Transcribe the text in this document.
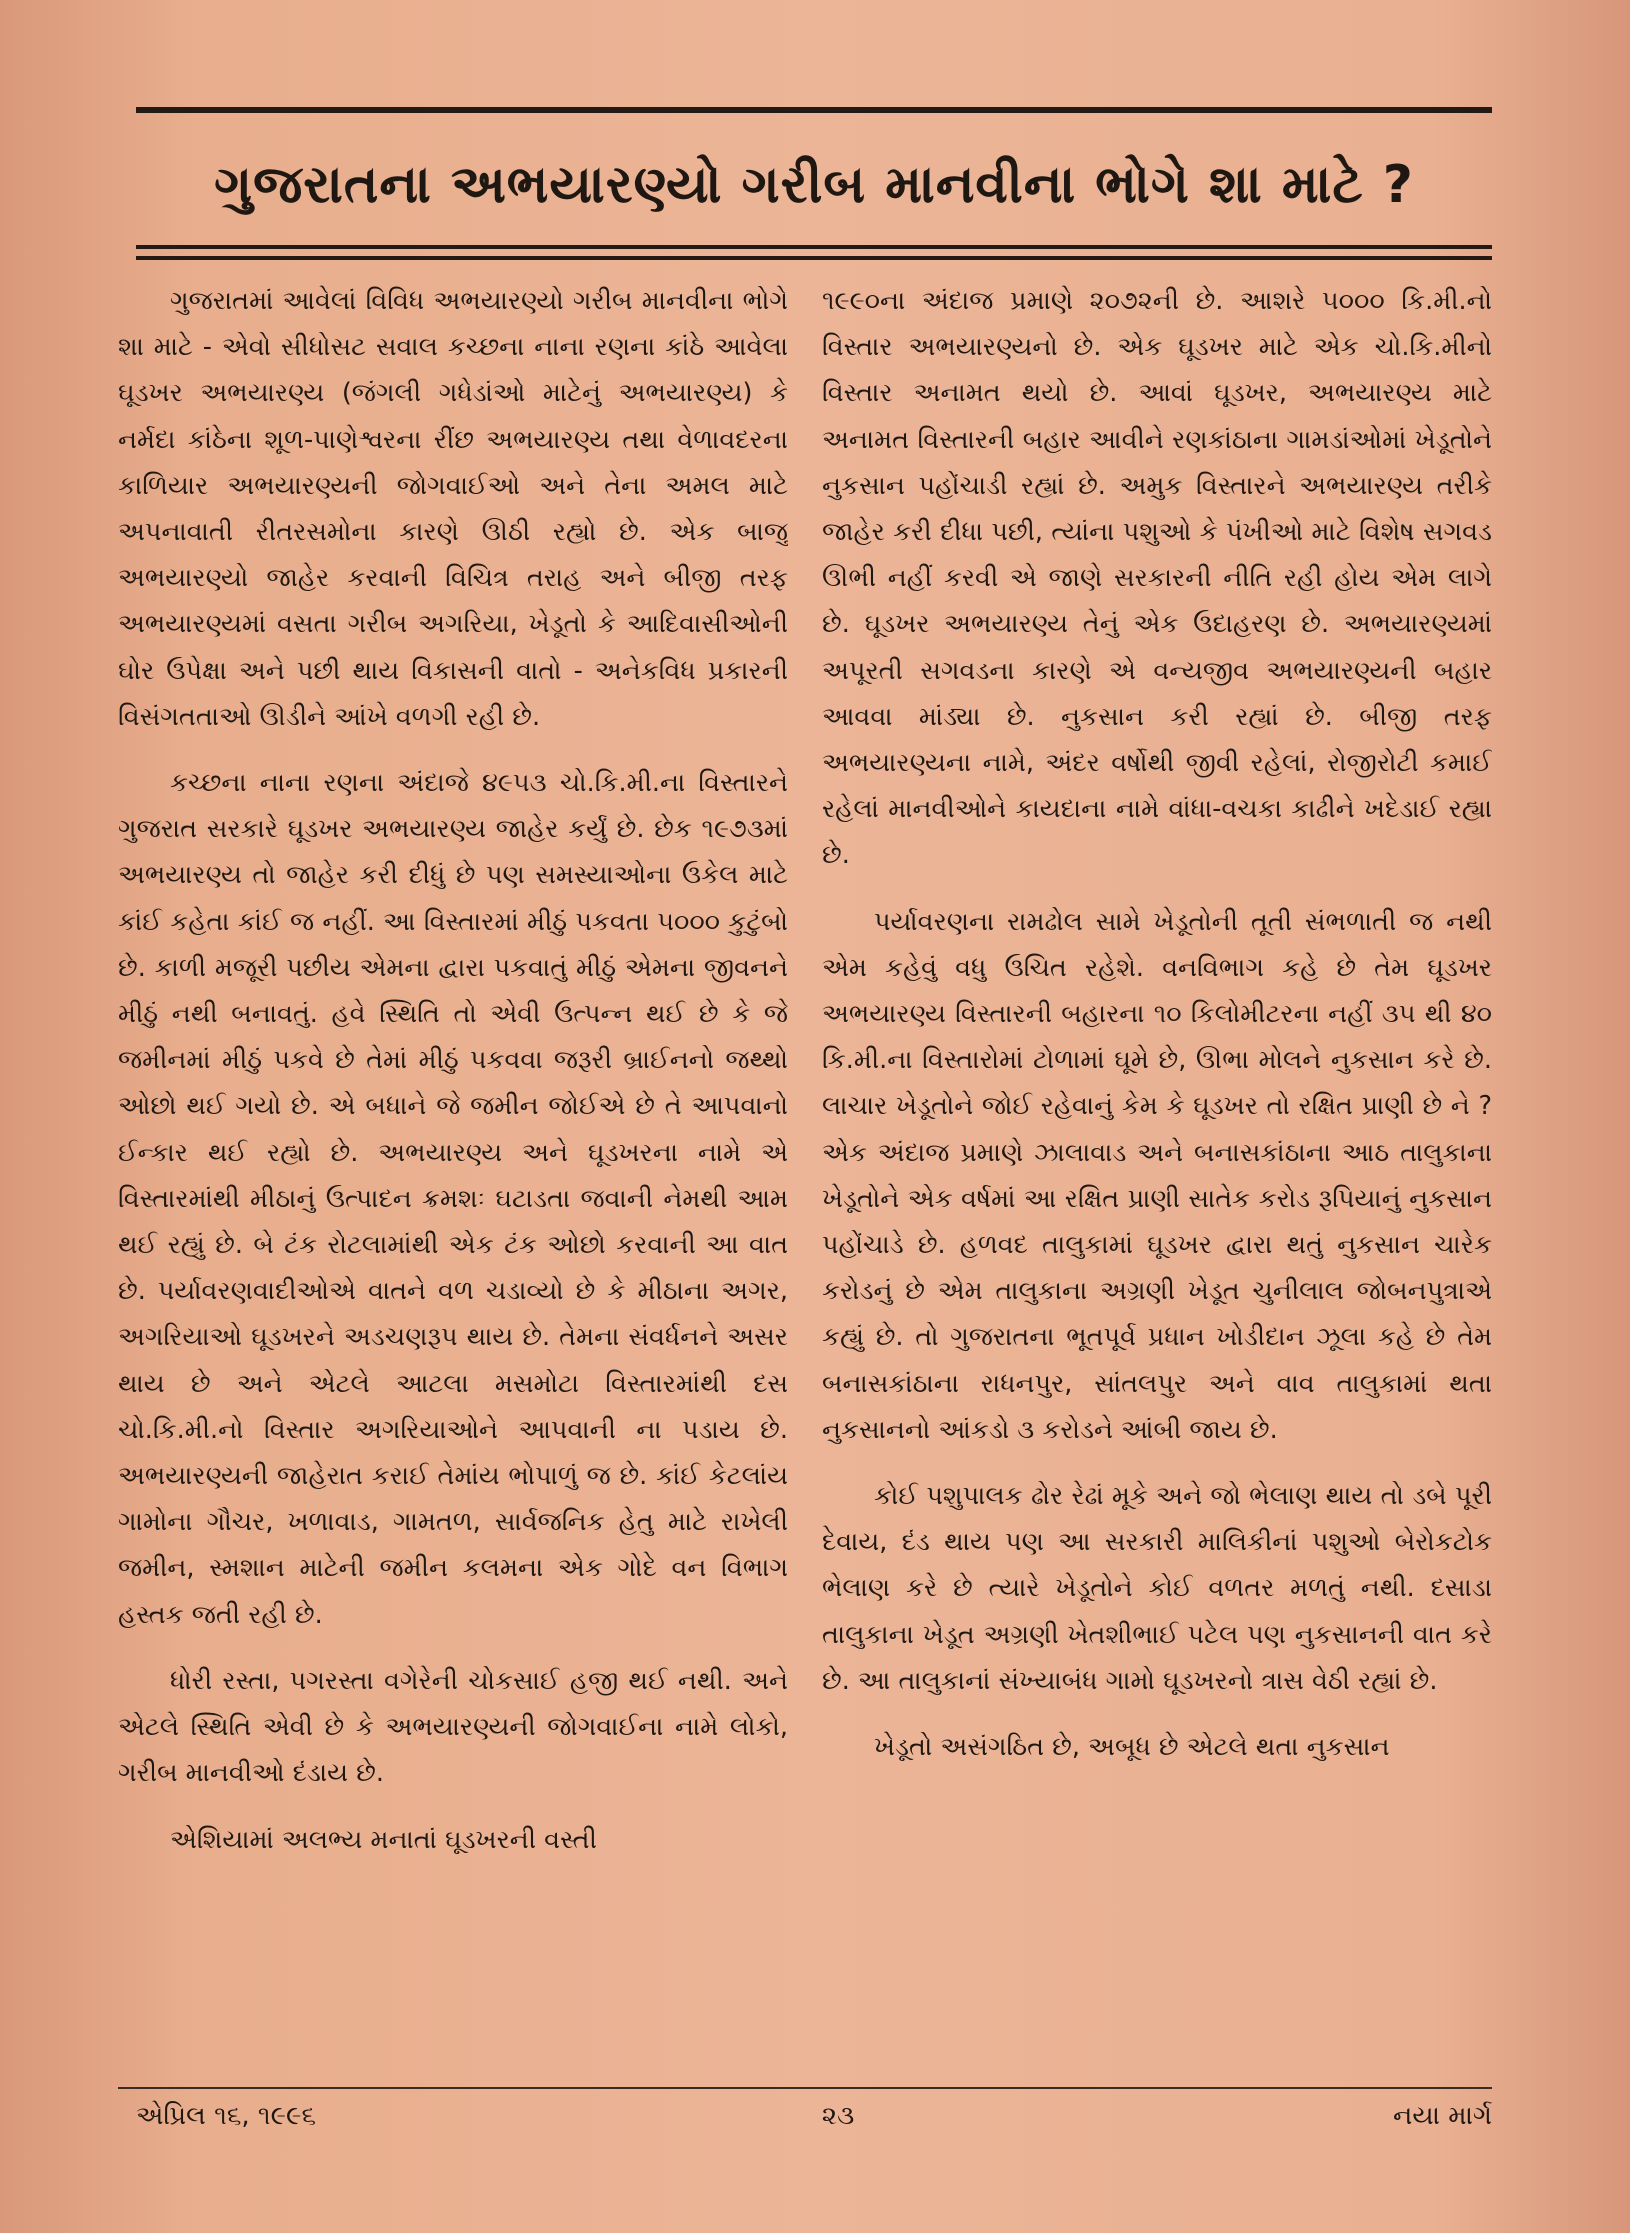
ગુજરાતના અભયારણ્યો ગરીબ માનવીના ભોગે શા માટે ?

ગુજરાતમાં આવેલાં વિવિધ અભયારણ્યો ગરીબ માનવીના ભોગે શા માટે - એવો સીધોસટ સવાલ કચ્છના નાના રણના કાંઠે આવેલા ઘૂડખર અભયારણ્ય (જંગલી ગધેડાંઓ માટેનું અભયારણ્ય) કે નર્મદા કાંઠેના શૂળ-પાણેશ્વરના રીંછ અભયારણ્ય તથા વેળાવદરના કાળિયાર અભયારણ્યની જોગવાઈઓ અને તેના અમલ માટે અપનાવાતી રીતરસમોના કારણે ઊઠી રહ્યો છે. એક બાજુ અભયારણ્યો જાહેર કરવાની વિચિત્ર તરાહ અને બીજી તરફ અભયારણ્યમાં વસતા ગરીબ અગરિયા, ખેડૂતો કે આદિવાસીઓની ઘોર ઉપેક્ષા અને પછી થાય વિકાસની વાતો - અનેકવિધ પ્રકારની વિસંગતતાઓ ઊડીને આંખે વળગી રહી છે.

કચ્છના નાના રણના અંદાજે ૪૯૫૩ ચો.કિ.મી.ના વિસ્તારને ગુજરાત સરકારે ઘૂડખર અભયારણ્ય જાહેર કર્યું છે. છેક ૧૯૭૩માં અભયારણ્ય તો જાહેર કરી દીધું છે પણ સમસ્યાઓના ઉકેલ માટે કાંઈ કહેતા કાંઈ જ નહીં. આ વિસ્તારમાં મીઠું પકવતા ૫૦૦૦ કુટુંબો છે. કાળી મજૂરી પછીય એમના દ્વારા પકવાતું મીઠું એમના જીવનને મીઠું નથી બનાવતું. હવે સ્થિતિ તો એવી ઉત્પન્ન થઈ છે કે જે જમીનમાં મીઠું પકવે છે તેમાં મીઠું પકવવા જરૂરી બ્રાઈનનો જથ્થો ઓછો થઈ ગયો છે. એ બધાને જે જમીન જોઈએ છે તે આપવાનો ઈન્કાર થઈ રહ્યો છે. અભયારણ્ય અને ઘૂડખરના નામે એ વિસ્તારમાંથી મીઠાનું ઉત્પાદન ક્રમશઃ ઘટાડતા જવાની નેમથી આમ થઈ રહ્યું છે. બે ટંક રોટલામાંથી એક ટંક ઓછો કરવાની આ વાત છે. પર્યાવરણવાદીઓએ વાતને વળ ચડાવ્યો છે કે મીઠાના અગર, અગરિયાઓ ઘૂડખરને અડચણરૂપ થાય છે. તેમના સંવર્ધનને અસર થાય છે અને એટલે આટલા મસમોટા વિસ્તારમાંથી દસ ચો.કિ.મી.નો વિસ્તાર અગરિયાઓને આપવાની ના પડાય છે. અભયારણ્યની જાહેરાત કરાઈ તેમાંય ભોપાળું જ છે. કાંઈ કેટલાંય ગામોના ગૌચર, ખળાવાડ, ગામતળ, સાર્વજનિક હેતુ માટે રાખેલી જમીન, સ્મશાન માટેની જમીન કલમના એક ગોદે વન વિભાગ હસ્તક જતી રહી છે.

ધોરી રસ્તા, પગરસ્તા વગેરેની ચોકસાઈ હજી થઈ નથી. અને એટલે સ્થિતિ એવી છે કે અભયારણ્યની જોગવાઈના નામે લોકો, ગરીબ માનવીઓ દંડાય છે.

એશિયામાં અલભ્ય મનાતાં ઘૂડખરની વસ્તી

૧૯૯૦ના અંદાજ પ્રમાણે ૨૦૭૨ની છે. આશરે ૫૦૦૦ કિ.મી.નો વિસ્તાર અભયારણ્યનો છે. એક ઘૂડખર માટે એક ચો.કિ.મીનો વિસ્તાર અનામત થયો છે. આવાં ઘૂડખર, અભયારણ્ય માટે અનામત વિસ્તારની બહાર આવીને રણકાંઠાના ગામડાંઓમાં ખેડૂતોને નુકસાન પહોંચાડી રહ્યાં છે. અમુક વિસ્તારને અભયારણ્ય તરીકે જાહેર કરી દીધા પછી, ત્યાંના પશુઓ કે પંખીઓ માટે વિશેષ સગવડ ઊભી નહીં કરવી એ જાણે સરકારની નીતિ રહી હોય એમ લાગે છે. ઘૂડખર અભયારણ્ય તેનું એક ઉદાહરણ છે. અભયારણ્યમાં અપૂરતી સગવડના કારણે એ વન્યજીવ અભયારણ્યની બહાર આવવા માંડ્યા છે. નુકસાન કરી રહ્યાં છે. બીજી તરફ અભયારણ્યના નામે, અંદર વર્ષોથી જીવી રહેલાં, રોજીરોટી કમાઈ રહેલાં માનવીઓને કાયદાના નામે વાંધા-વચકા કાઢીને ખદેડાઈ રહ્યા છે.

પર્યાવરણના રામઢોલ સામે ખેડૂતોની તૂતી સંભળાતી જ નથી એમ કહેવું વધુ ઉચિત રહેશે. વનવિભાગ કહે છે તેમ ઘૂડખર અભયારણ્ય વિસ્તારની બહારના ૧૦ કિલોમીટરના નહીં ૩૫ થી ૪૦ કિ.મી.ના વિસ્તારોમાં ટોળામાં ઘૂમે છે, ઊભા મોલને નુકસાન કરે છે. લાચાર ખેડૂતોને જોઈ રહેવાનું કેમ કે ઘૂડખર તો રક્ષિત પ્રાણી છે ને ? એક અંદાજ પ્રમાણે ઝાલાવાડ અને બનાસકાંઠાના આઠ તાલુકાના ખેડૂતોને એક વર્ષમાં આ રક્ષિત પ્રાણી સાતેક કરોડ રૂપિયાનું નુકસાન પહોંચાડે છે. હળવદ તાલુકામાં ઘૂડખર દ્વારા થતું નુકસાન ચારેક કરોડનું છે એમ તાલુકાના અગ્રણી ખેડૂત ચુનીલાલ જોબનપુત્રાએ કહ્યું છે. તો ગુજરાતના ભૂતપૂર્વ પ્રધાન ખોડીદાન ઝૂલા કહે છે તેમ બનાસકાંઠાના રાધનપુર, સાંતલપુર અને વાવ તાલુકામાં થતા નુકસાનનો આંકડો ૩ કરોડને આંબી જાય છે.

કોઈ પશુપાલક ઢોર રેઢાં મૂકે અને જો ભેલાણ થાય તો ડબે પૂરી દેવાય, દંડ થાય પણ આ સરકારી માલિકીનાં પશુઓ બેરોકટોક ભેલાણ કરે છે ત્યારે ખેડૂતોને કોઈ વળતર મળતું નથી. દસાડા તાલુકાના ખેડૂત અગ્રણી ખેતશીભાઈ પટેલ પણ નુકસાનની વાત કરે છે. આ તાલુકાનાં સંખ્યાબંધ ગામો ઘૂડખરનો ત્રાસ વેઠી રહ્યાં છે.

ખેડૂતો અસંગઠિત છે, અબૂધ છે એટલે થતા નુકસાન

એપ્રિલ ૧૬, ૧૯૯૬	૨૩	નયા માર્ગ
